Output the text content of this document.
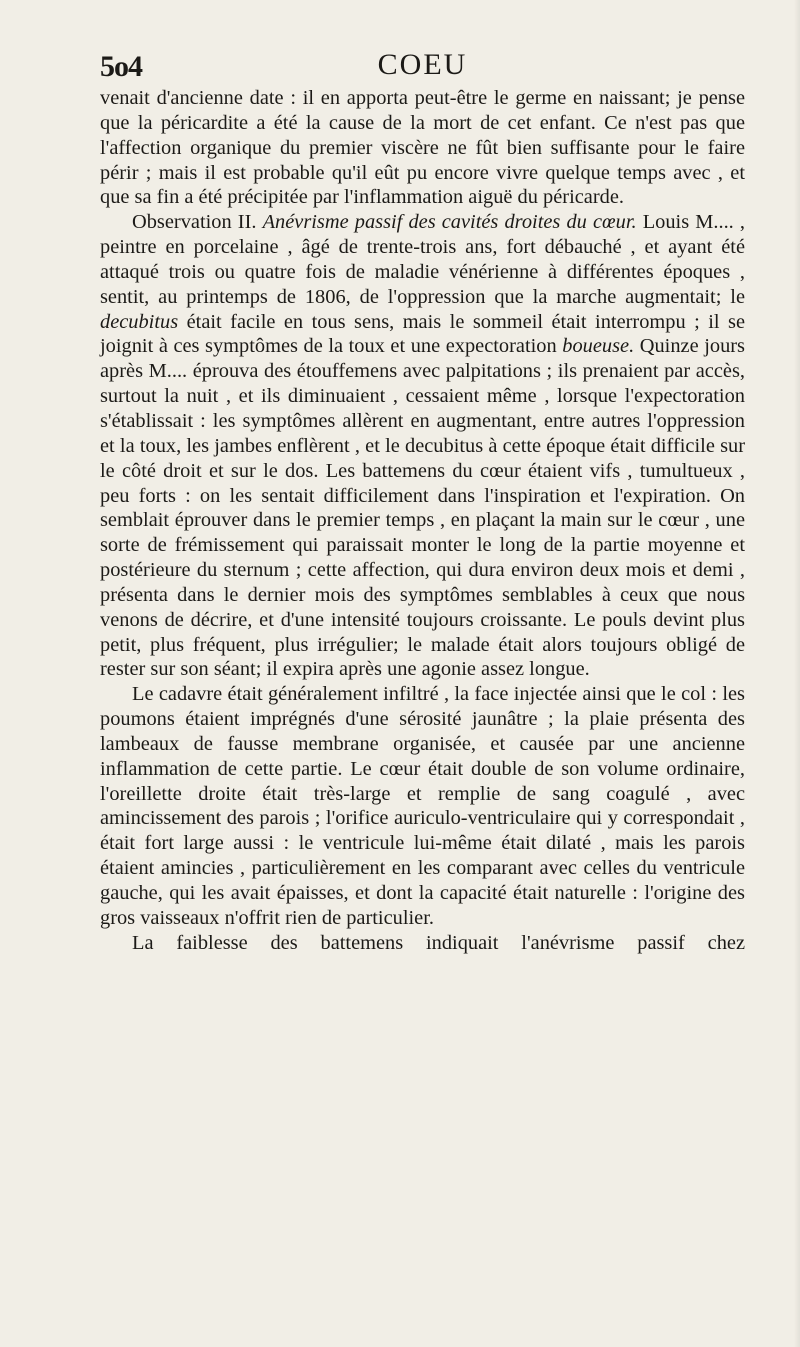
5o4	COEU

venait d'ancienne date : il en apporta peut-être le germe en naissant; je pense que la péricardite a été la cause de la mort de cet enfant. Ce n'est pas que l'affection organique du premier viscère ne fût bien suffisante pour le faire périr ; mais il est probable qu'il eût pu encore vivre quelque temps avec , et que sa fin a été précipitée par l'inflammation aiguë du péricarde.

Observation II. Anévrisme passif des cavités droites du cœur. Louis M.... , peintre en porcelaine , âgé de trente-trois ans, fort débauché , et ayant été attaqué trois ou quatre fois de maladie vénérienne à différentes époques , sentit, au printemps de 1806, de l'oppression que la marche augmentait; le decubitus était facile en tous sens, mais le sommeil était interrompu ; il se joignit à ces symptômes de la toux et une expectoration boueuse. Quinze jours après M.... éprouva des étouffemens avec palpitations ; ils prenaient par accès, surtout la nuit , et ils diminuaient , cessaient même , lorsque l'expectoration s'établissait : les symptômes allèrent en augmentant, entre autres l'oppression et la toux, les jambes enflèrent , et le decubitus à cette époque était difficile sur le côté droit et sur le dos. Les battemens du cœur étaient vifs , tumultueux , peu forts : on les sentait difficilement dans l'inspiration et l'expiration. On semblait éprouver dans le premier temps , en plaçant la main sur le cœur , une sorte de frémissement qui paraissait monter le long de la partie moyenne et postérieure du sternum ; cette affection, qui dura environ deux mois et demi , présenta dans le dernier mois des symptômes semblables à ceux que nous venons de décrire, et d'une intensité toujours croissante. Le pouls devint plus petit, plus fréquent, plus irrégulier; le malade était alors toujours obligé de rester sur son séant; il expira après une agonie assez longue.

Le cadavre était généralement infiltré , la face injectée ainsi que le col : les poumons étaient imprégnés d'une sérosité jaunâtre ; la plaie présenta des lambeaux de fausse membrane organisée, et causée par une ancienne inflammation de cette partie. Le cœur était double de son volume ordinaire, l'oreillette droite était très-large et remplie de sang coagulé , avec amincissement des parois ; l'orifice auriculo-ventriculaire qui y correspondait , était fort large aussi : le ventricule lui-même était dilaté , mais les parois étaient amincies , particulièrement en les comparant avec celles du ventricule gauche, qui les avait épaisses, et dont la capacité était naturelle : l'origine des gros vaisseaux n'offrit rien de particulier.

La faiblesse des battemens indiquait l'anévrisme passif chez
